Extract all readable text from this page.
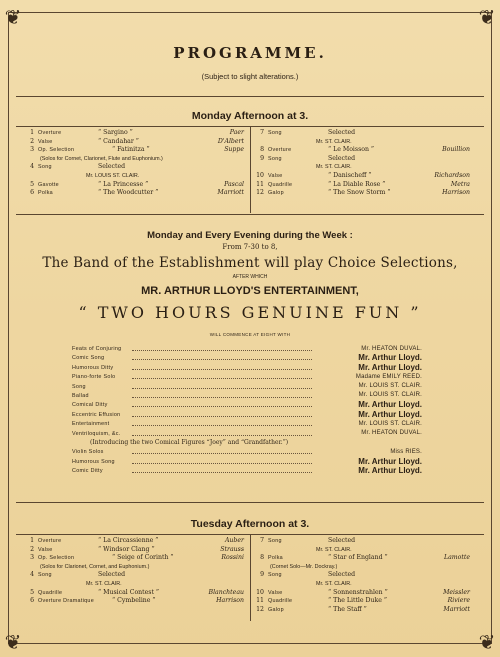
❦	❦
❦	❦
PROGRAMME.
(Subject to slight alterations.)
Monday Afternoon at 3.
1 Overture	“ Sargino ”	Paer
2 Valse	“ Candahar ”	D'Albert
3 Op. Selection	“ Fatinitza ”	Suppe
(Solos for Cornet, Clarionet, Flute and Euphonium.)
4 Song	Selected
Mr. LOUIS ST. CLAIR.
5 Gavotte	“ La Princesse ”	Pascal
6 Polka	“ The Woodcutter ”	Marriott
7 Song	Selected
Mr. ST. CLAIR.
8 Overture	“ Le Moisson ”	Bouillion
9 Song	Selected
Mr. ST. CLAIR.
10 Valse	“ Danischeff ”	Richardson
11 Quadrille	“ La Diable Rose ”	Metra
12 Galop	“ The Snow Storm ”	Harrison
Monday and Every Evening during the Week :
From 7-30 to 8,
The Band of the Establishment will play Choice Selections,
AFTER WHICH
MR. ARTHUR LLOYD'S ENTERTAINMENT,
“ TWO HOURS GENUINE FUN ”
WILL COMMENCE AT EIGHT WITH
Feats of Conjuring	Mr. HEATON DUVAL.
Comic Song	Mr. Arthur Lloyd.
Humorous Ditty	Mr. Arthur Lloyd.
Piano-forte Solo	Madame EMILY REED.
Song	Mr. LOUIS ST. CLAIR.
Ballad	Mr. LOUIS ST. CLAIR.
Comical Ditty	Mr. Arthur Lloyd.
Eccentric Effusion	Mr. Arthur Lloyd.
Entertainment	Mr. LOUIS ST. CLAIR.
Ventriloquism, &c.	Mr. HEATON DUVAL.
(Introducing the two Comical Figures “Joey” and “Grandfather.”)
Violin Solos	Miss RIES.
Humorous Song	Mr. Arthur Lloyd.
Comic Ditty	Mr. Arthur Lloyd.
Tuesday Afternoon at 3.
1 Overture	“ La Circassienne ”	Auber
2 Valse	“ Windsor Clang ”	Strauss
3 Op. Selection	“ Seige of Corinth ”	Rossini
(Solos for Clarionet, Cornet, and Euphonium.)
4 Song	Selected
Mr. ST. CLAIR.
5 Quadrille	“ Musical Contest ”	Blanchteau
6 Overture Dramatique	“ Cymbeline ”	Harrison
7 Song	Selected
Mr. ST. CLAIR.
8 Polka	“ Star of England ”	Lamotte
(Cornet Solo—Mr. Dockray.)
9 Song	Selected
Mr. ST. CLAIR.
10 Valse	“ Sonnenstrahlen ”	Meissler
11 Quadrille	“ The Little Duke ”	Riviere
12 Galop	“ The Staff ”	Marriott
